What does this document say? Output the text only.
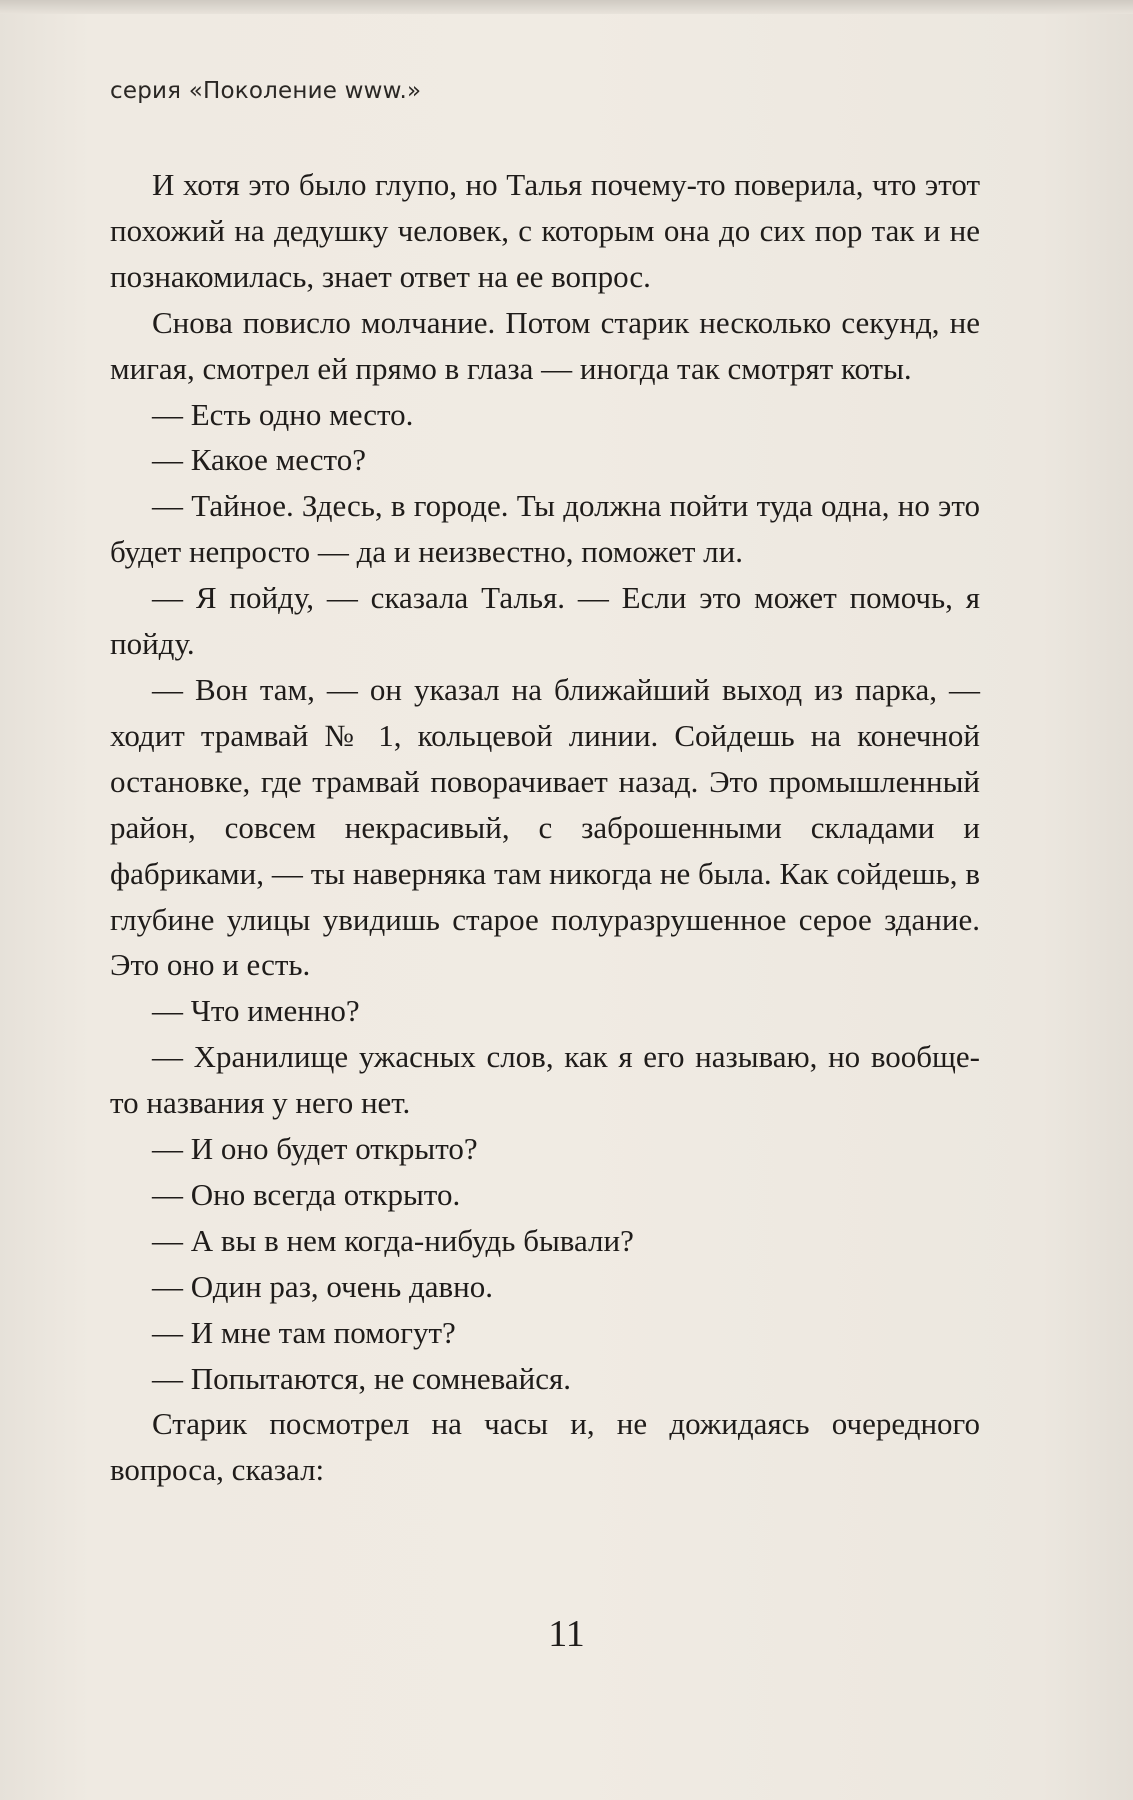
серия «Поколение www.»

И хотя это было глупо, но Талья почему-то поверила, что этот похожий на дедушку человек, с которым она до сих пор так и не познакомилась, знает ответ на ее вопрос.

Снова повисло молчание. Потом старик несколько секунд, не мигая, смотрел ей прямо в глаза — иногда так смотрят коты.

— Есть одно место.

— Какое место?

— Тайное. Здесь, в городе. Ты должна пойти туда одна, но это будет непросто — да и неизвестно, поможет ли.

— Я пойду, — сказала Талья. — Если это может помочь, я пойду.

— Вон там, — он указал на ближайший выход из парка, — ходит трамвай № 1, кольцевой линии. Сойдешь на конечной остановке, где трамвай поворачивает назад. Это промышленный район, совсем некрасивый, с заброшенными складами и фабриками, — ты наверняка там никогда не была. Как сойдешь, в глубине улицы увидишь старое полуразрушенное серое здание. Это оно и есть.

— Что именно?

— Хранилище ужасных слов, как я его называю, но вообще-то названия у него нет.

— И оно будет открыто?

— Оно всегда открыто.

— А вы в нем когда-нибудь бывали?

— Один раз, очень давно.

— И мне там помогут?

— Попытаются, не сомневайся.

Старик посмотрел на часы и, не дожидаясь очередного вопроса, сказал:

11
